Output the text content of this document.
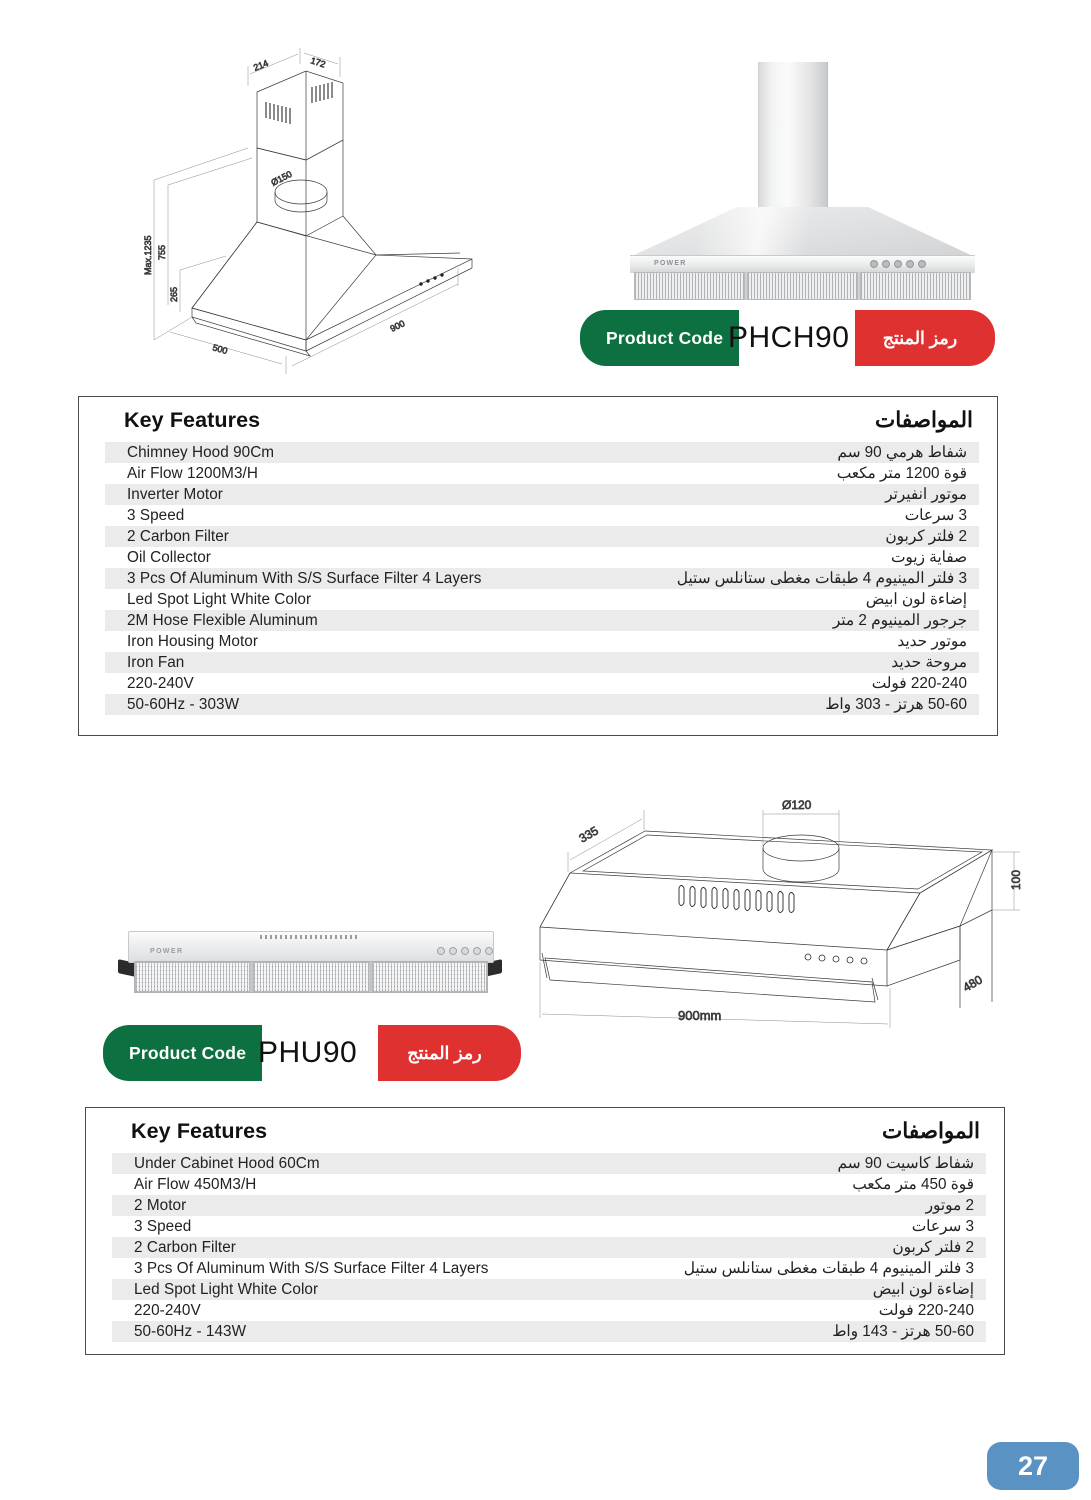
Ø150
214	172
Max.1235 755
265
500
900
POWER
Product Code PHCH90 رمز المنتج
Key Features	المواصفات
Chimney Hood 90Cm	شفاط هرمي 90 سم
Air Flow 1200M3/H	قوة 1200 متر مكعب
Inverter Motor	موتور انفيرتر
3 Speed	3 سرعات
2 Carbon Filter	2 فلتر كربون
Oil Collector	صفاية زيوت
3 Pcs Of Aluminum With S/S Surface Filter 4 Layers	3 فلتر المينيوم 4 طبقات مغطى ستانلس ستيل
Led Spot Light White Color	إضاءة لون ابيض
2M Hose Flexible Aluminum	جرجور المينيوم 2 متر
Iron Housing Motor	موتور حديد
Iron Fan	مروحة حديد
220-240V	220-240 فولت
50-60Hz - 303W	50-60 هرتز - 303 واط
335
Ø120
100
480
900mm
POWER
Product Code PHU90	رمز المنتج
Key Features	المواصفات
Under Cabinet Hood 60Cm	شفاط كاسيت 90 سم
Air Flow 450M3/H	قوة 450 متر مكعب
2 Motor	2 موتور
3 Speed	3 سرعات
2 Carbon Filter	2 فلتر كربون
3 Pcs Of Aluminum With S/S Surface Filter 4 Layers	3 فلتر المينيوم 4 طبقات مغطى ستانلس ستيل
Led Spot Light White Color	إضاءة لون ابيض
220-240V	220-240 فولت
50-60Hz - 143W	50-60 هرتز - 143 واط
27
